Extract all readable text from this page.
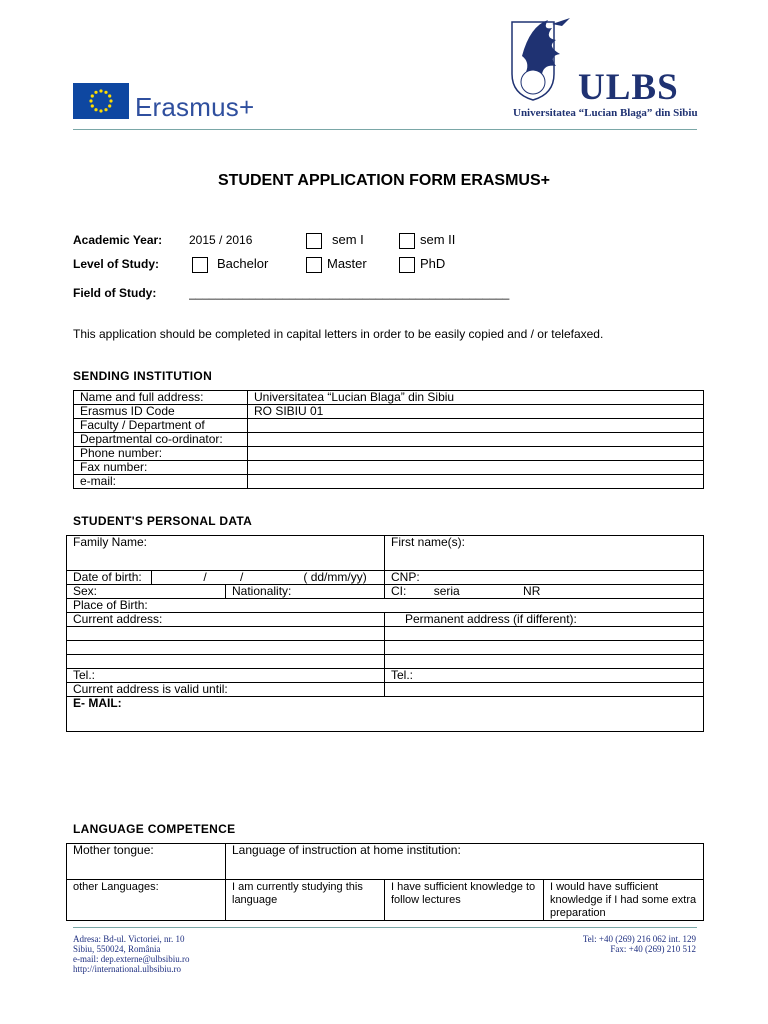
Erasmus+	ULBS
Universitatea “Lucian Blaga” din Sibiu
STUDENT APPLICATION FORM ERASMUS+
Academic Year: 2015 / 2016	sem I	sem II
Level of Study:	Bachelor	Master	PhD
Field of Study:	________________________________________________
This application should be completed in capital letters in order to be easily copied and / or telefaxed.
SENDING INSTITUTION
Name and full address:	Universitatea “Lucian Blaga” din Sibiu
Erasmus ID Code	RO SIBIU 01
Faculty / Department of	
Departmental co-ordinator:	
Phone number:	
Fax number:	
e-mail:	
STUDENT'S PERSONAL DATA
Family Name:		First name(s):
Date of birth: /          /                  ( dd/mm/yy)		CNP:
Sex:	Nationality:	CI: seria NR
Place of Birth:		
Current address:		Permanent address (if different):

Tel.:		Tel.:
Current address is valid until:		
E- MAIL:		
LANGUAGE COMPETENCE
Mother tongue:	Language of instruction at home institution:		
other Languages:	I am currently studying this language	I have sufficient knowledge to follow lectures	I would have sufficient knowledge if I had some extra preparation
Adresa: Bd-ul. Victoriei, nr. 10
Sibiu, 550024, România
e-mail: dep.externe@ulbsibiu.ro
http://international.ulbsibiu.ro
Tel: +40 (269) 216 062 int. 129
Fax: +40 (269) 210 512
